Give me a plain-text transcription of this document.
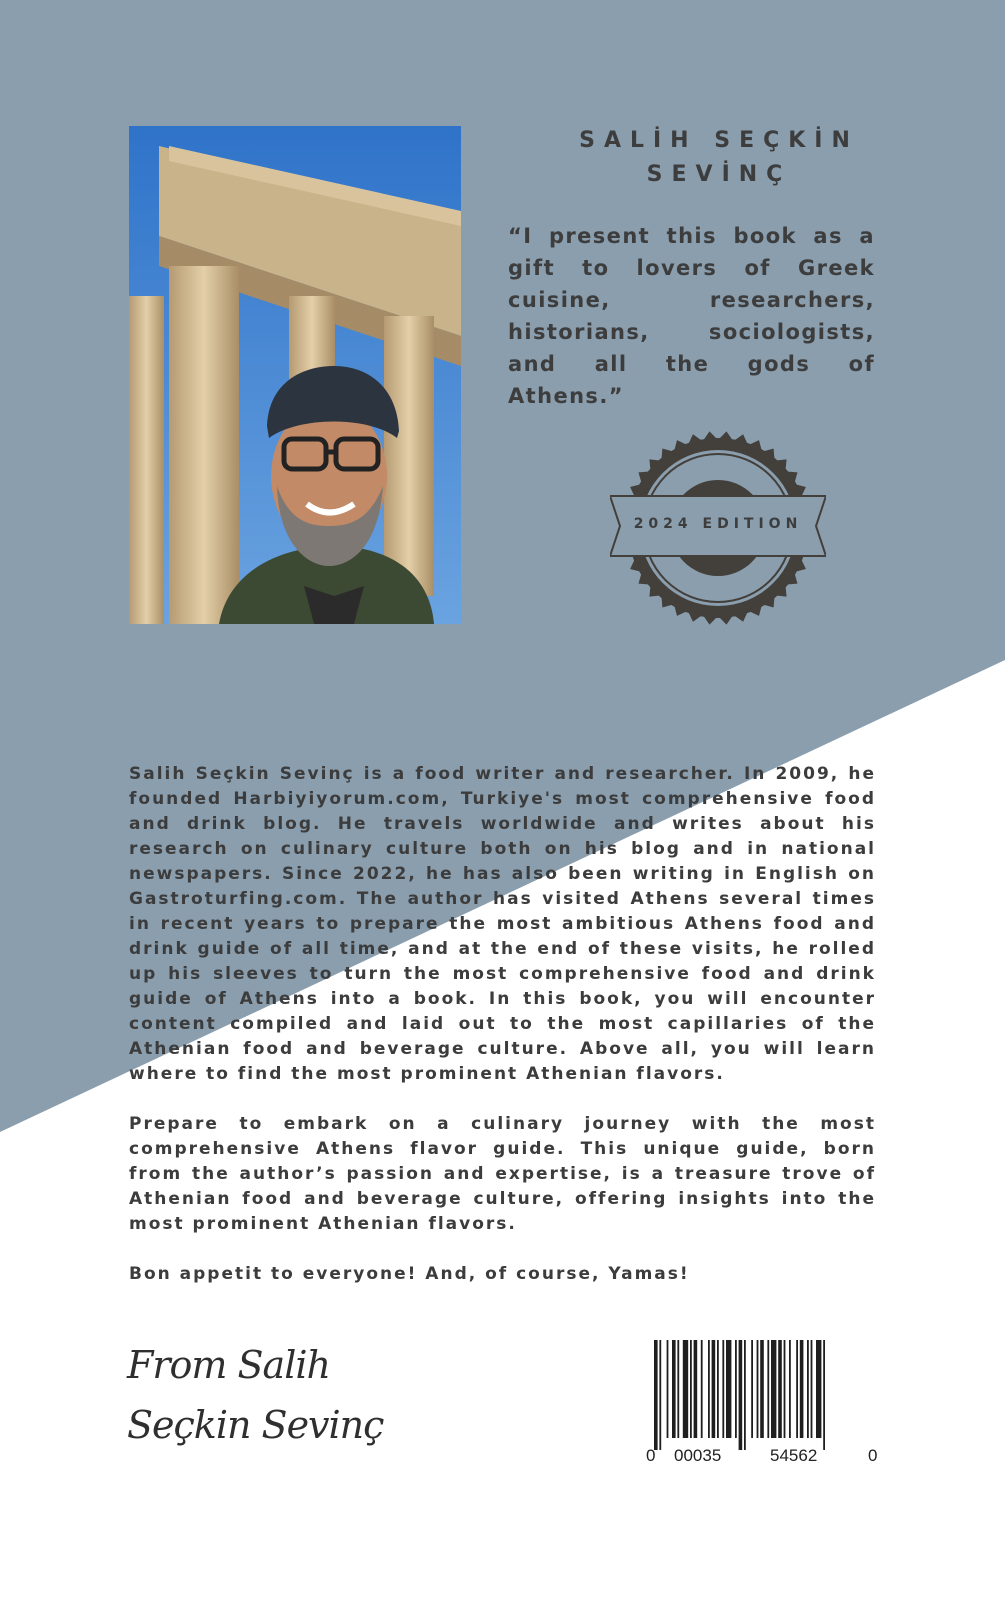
SALİH SEÇKİN SEVİNÇ
“I present this book as a gift to lovers of Greek cuisine, researchers, historians, sociologists, and all the gods of Athens.”
2024 EDITION

Salih Seçkin Sevinç is a food writer and researcher. In 2009, he founded Harbiyiyorum.com, Turkiye's most comprehensive food and drink blog. He travels worldwide and writes about his research on culinary culture both on his blog and in national newspapers. Since 2022, he has also been writing in English on Gastroturfing.com. The author has visited Athens several times in recent years to prepare the most ambitious Athens food and drink guide of all time, and at the end of these visits, he rolled up his sleeves to turn the most comprehensive food and drink guide of Athens into a book. In this book, you will encounter content compiled and laid out to the most capillaries of the Athenian food and beverage culture. Above all, you will learn where to find the most prominent Athenian flavors.

Prepare to embark on a culinary journey with the most comprehensive Athens flavor guide. This unique guide, born from the author’s passion and expertise, is a treasure trove of Athenian food and beverage culture, offering insights into the most prominent Athenian flavors.

Bon appetit to everyone! And, of course, Yamas!

From Salih
Seçkin Sevinç
0 00035	54562	0
